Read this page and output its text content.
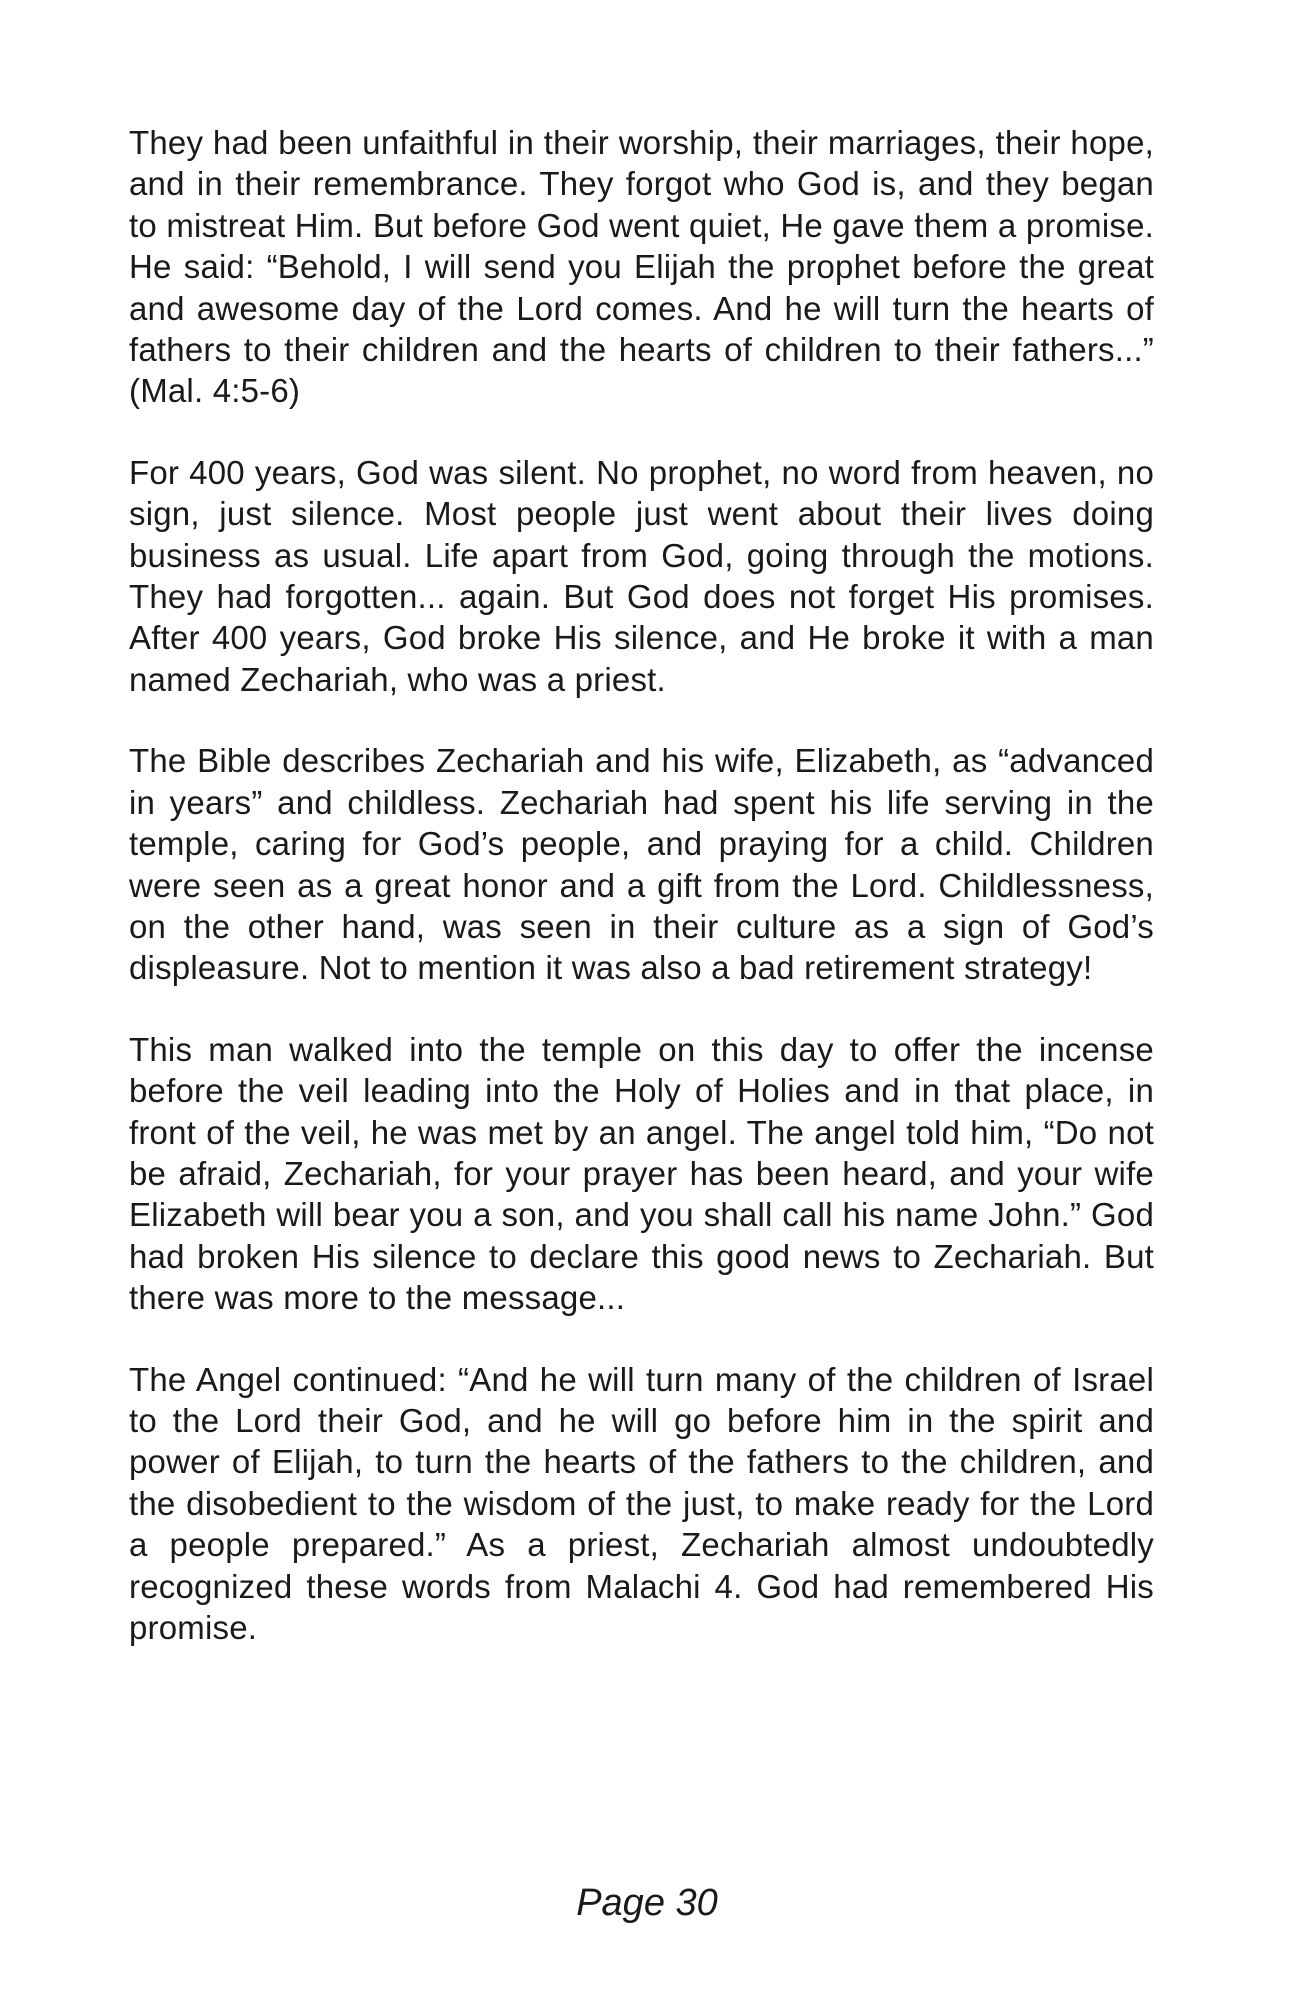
They had been unfaithful in their worship, their marriages, their hope, and in their remembrance. They forgot who God is, and they began to mistreat Him. But before God went quiet, He gave them a promise. He said: “Behold, I will send you Elijah the prophet before the great and awesome day of the Lord comes. And he will turn the hearts of fathers to their children and the hearts of children to their fathers...” (Mal. 4:5-6)

For 400 years, God was silent. No prophet, no word from heaven, no sign, just silence. Most people just went about their lives doing business as usual. Life apart from God, going through the motions. They had forgotten... again. But God does not forget His promises. After 400 years, God broke His silence, and He broke it with a man named Zechariah, who was a priest.

The Bible describes Zechariah and his wife, Elizabeth, as “advanced in years” and childless. Zechariah had spent his life serving in the temple, caring for God’s people, and praying for a child. Children were seen as a great honor and a gift from the Lord. Childlessness, on the other hand, was seen in their culture as a sign of God’s displeasure. Not to mention it was also a bad retirement strategy!

This man walked into the temple on this day to offer the incense before the veil leading into the Holy of Holies and in that place, in front of the veil, he was met by an angel. The angel told him, “Do not be afraid, Zechariah, for your prayer has been heard, and your wife Elizabeth will bear you a son, and you shall call his name John.” God had broken His silence to declare this good news to Zechariah. But there was more to the message...

The Angel continued: “And he will turn many of the children of Israel to the Lord their God, and he will go before him in the spirit and power of Elijah, to turn the hearts of the fathers to the children, and the disobedient to the wisdom of the just, to make ready for the Lord a people prepared.” As a priest, Zechariah almost undoubtedly recognized these words from Malachi 4. God had remembered His promise.

Page 30
